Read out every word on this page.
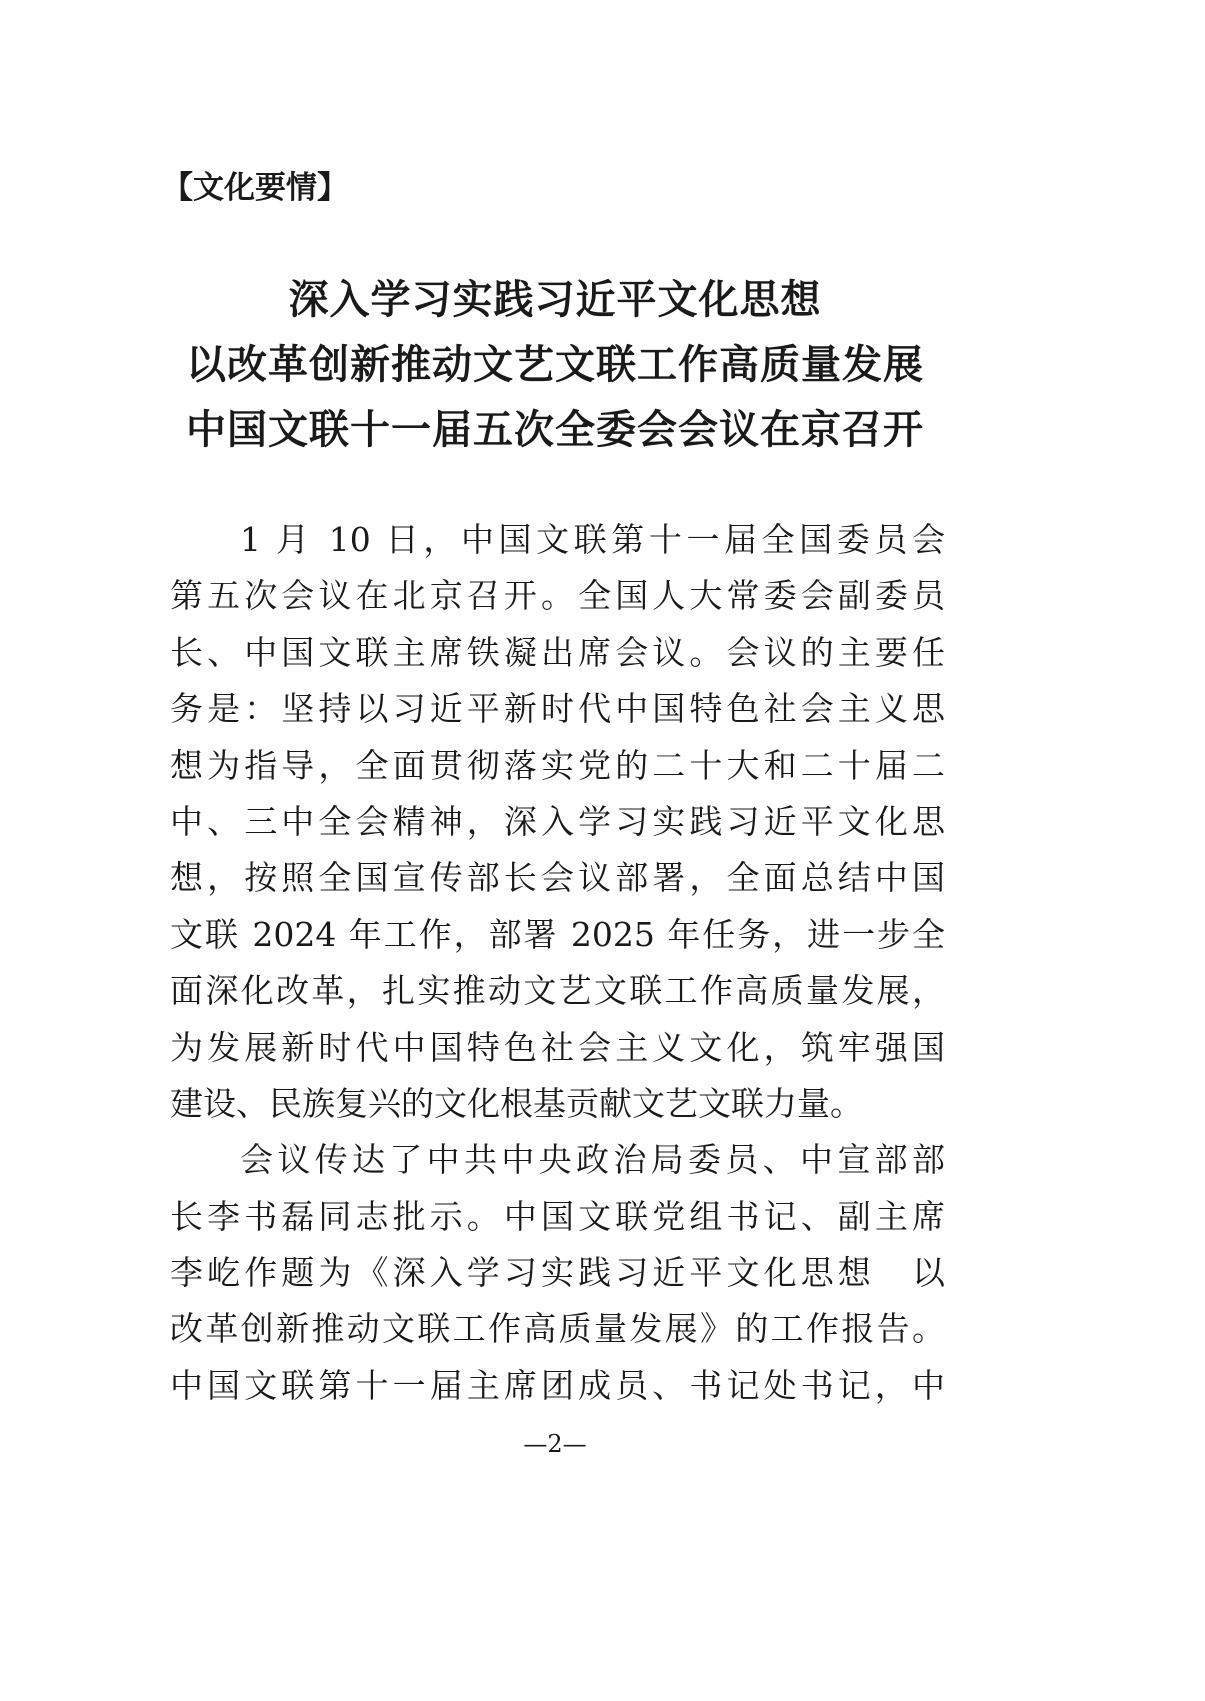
【文化要情】
深入学习实践习近平文化思想
以改革创新推动文艺文联工作高质量发展
中国文联十一届五次全委会会议在京召开
1 月 10 日，中国文联第十一届全国委员会
第五次会议在北京召开。全国人大常委会副委员
长、中国文联主席铁凝出席会议。会议的主要任
务是：坚持以习近平新时代中国特色社会主义思
想为指导，全面贯彻落实党的二十大和二十届二
中、三中全会精神，深入学习实践习近平文化思
想，按照全国宣传部长会议部署，全面总结中国
文联 2024 年工作，部署 2025 年任务，进一步全
面深化改革，扎实推动文艺文联工作高质量发展，
为发展新时代中国特色社会主义文化，筑牢强国
建设、民族复兴的文化根基贡献文艺文联力量。
会议传达了中共中央政治局委员、中宣部部
长李书磊同志批示。中国文联党组书记、副主席
李屹作题为《深入学习实践习近平文化思想　以
改革创新推动文联工作高质量发展》的工作报告。
中国文联第十一届主席团成员、书记处书记，中
—2—
